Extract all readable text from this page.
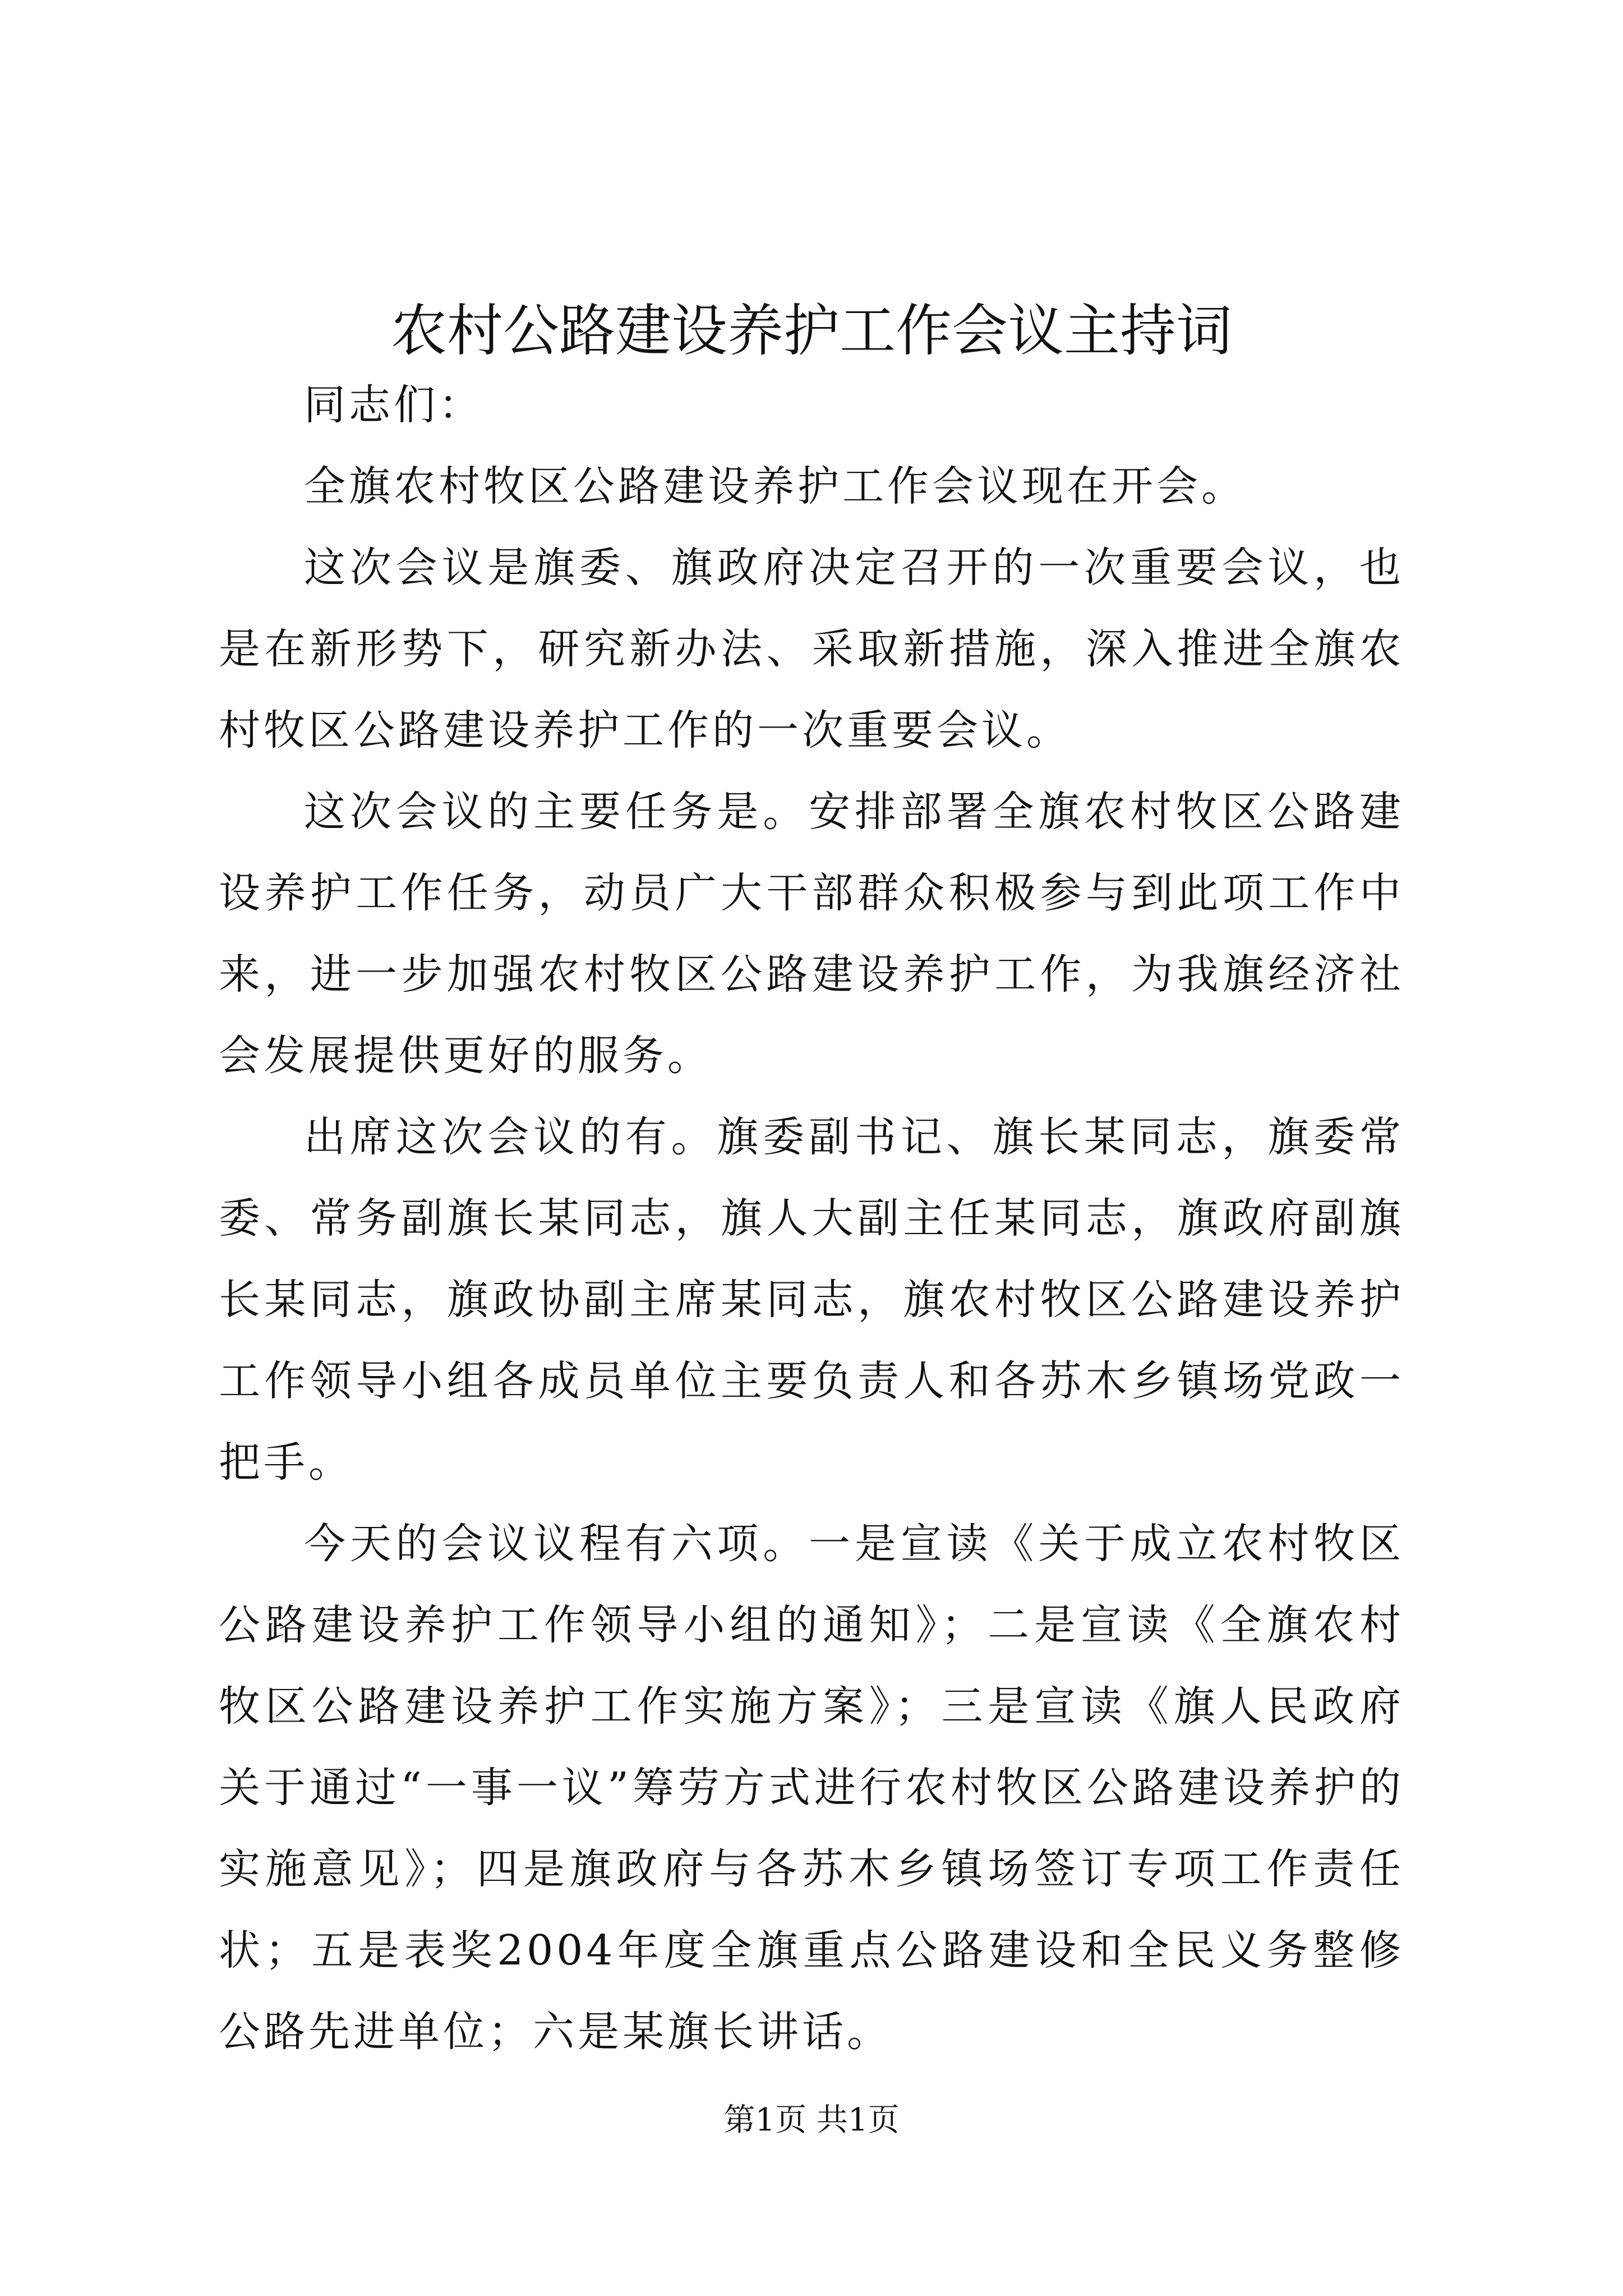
农村公路建设养护工作会议主持词

同志们：

全旗农村牧区公路建设养护工作会议现在开会。

这次会议是旗委、旗政府决定召开的一次重要会议，也是在新形势下，研究新办法、采取新措施，深入推进全旗农村牧区公路建设养护工作的一次重要会议。

这次会议的主要任务是。安排部署全旗农村牧区公路建设养护工作任务，动员广大干部群众积极参与到此项工作中来，进一步加强农村牧区公路建设养护工作，为我旗经济社会发展提供更好的服务。

出席这次会议的有。旗委副书记、旗长某同志，旗委常委、常务副旗长某同志，旗人大副主任某同志，旗政府副旗长某同志，旗政协副主席某同志，旗农村牧区公路建设养护工作领导小组各成员单位主要负责人和各苏木乡镇场党政一把手。

今天的会议议程有六项。一是宣读《关于成立农村牧区公路建设养护工作领导小组的通知》；二是宣读《全旗农村牧区公路建设养护工作实施方案》；三是宣读《旗人民政府关于通过“一事一议”筹劳方式进行农村牧区公路建设养护的实施意见》；四是旗政府与各苏木乡镇场签订专项工作责任状；五是表奖2004年度全旗重点公路建设和全民义务整修公路先进单位；六是某旗长讲话。

第1页 共1页
